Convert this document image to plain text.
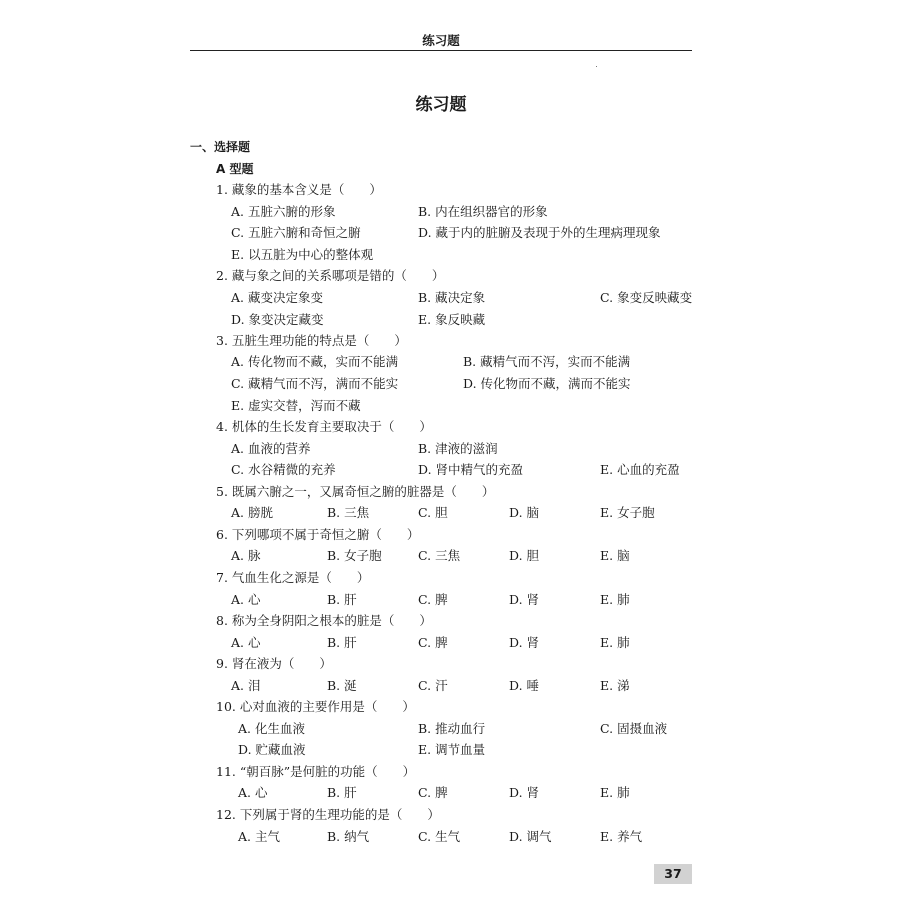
练习题
练习题
一、选择题
A 型题
1. 藏象的基本含义是（　　）
A. 五脏六腑的形象	B. 内在组织器官的形象
C. 五脏六腑和奇恒之腑	D. 藏于内的脏腑及表现于外的生理病理现象
E. 以五脏为中心的整体观
2. 藏与象之间的关系哪项是错的（　　）
A. 藏变决定象变	B. 藏决定象	C. 象变反映藏变
D. 象变决定藏变	E. 象反映藏
3. 五脏生理功能的特点是（　　）
A. 传化物而不藏，实而不能满	B. 藏精气而不泻，实而不能满
C. 藏精气而不泻，满而不能实	D. 传化物而不藏，满而不能实
E. 虚实交替，泻而不藏
4. 机体的生长发育主要取决于（　　）
A. 血液的营养	B. 津液的滋润
C. 水谷精微的充养	D. 肾中精气的充盈	E. 心血的充盈
5. 既属六腑之一，又属奇恒之腑的脏器是（　　）
A. 膀胱	B. 三焦	C. 胆	D. 脑	E. 女子胞
6. 下列哪项不属于奇恒之腑（　　）
A. 脉	B. 女子胞	C. 三焦	D. 胆	E. 脑
7. 气血生化之源是（　　）
A. 心	B. 肝	C. 脾	D. 肾	E. 肺
8. 称为全身阴阳之根本的脏是（　　）
A. 心	B. 肝	C. 脾	D. 肾	E. 肺
9. 肾在液为（　　）
A. 泪	B. 涎	C. 汗	D. 唾	E. 涕
10. 心对血液的主要作用是（　　）
A. 化生血液	B. 推动血行	C. 固摄血液
D. 贮藏血液	E. 调节血量
11. “朝百脉”是何脏的功能（　　）
A. 心	B. 肝	C. 脾	D. 肾	E. 肺
12. 下列属于肾的生理功能的是（　　）
A. 主气	B. 纳气	C. 生气	D. 调气	E. 养气
37
